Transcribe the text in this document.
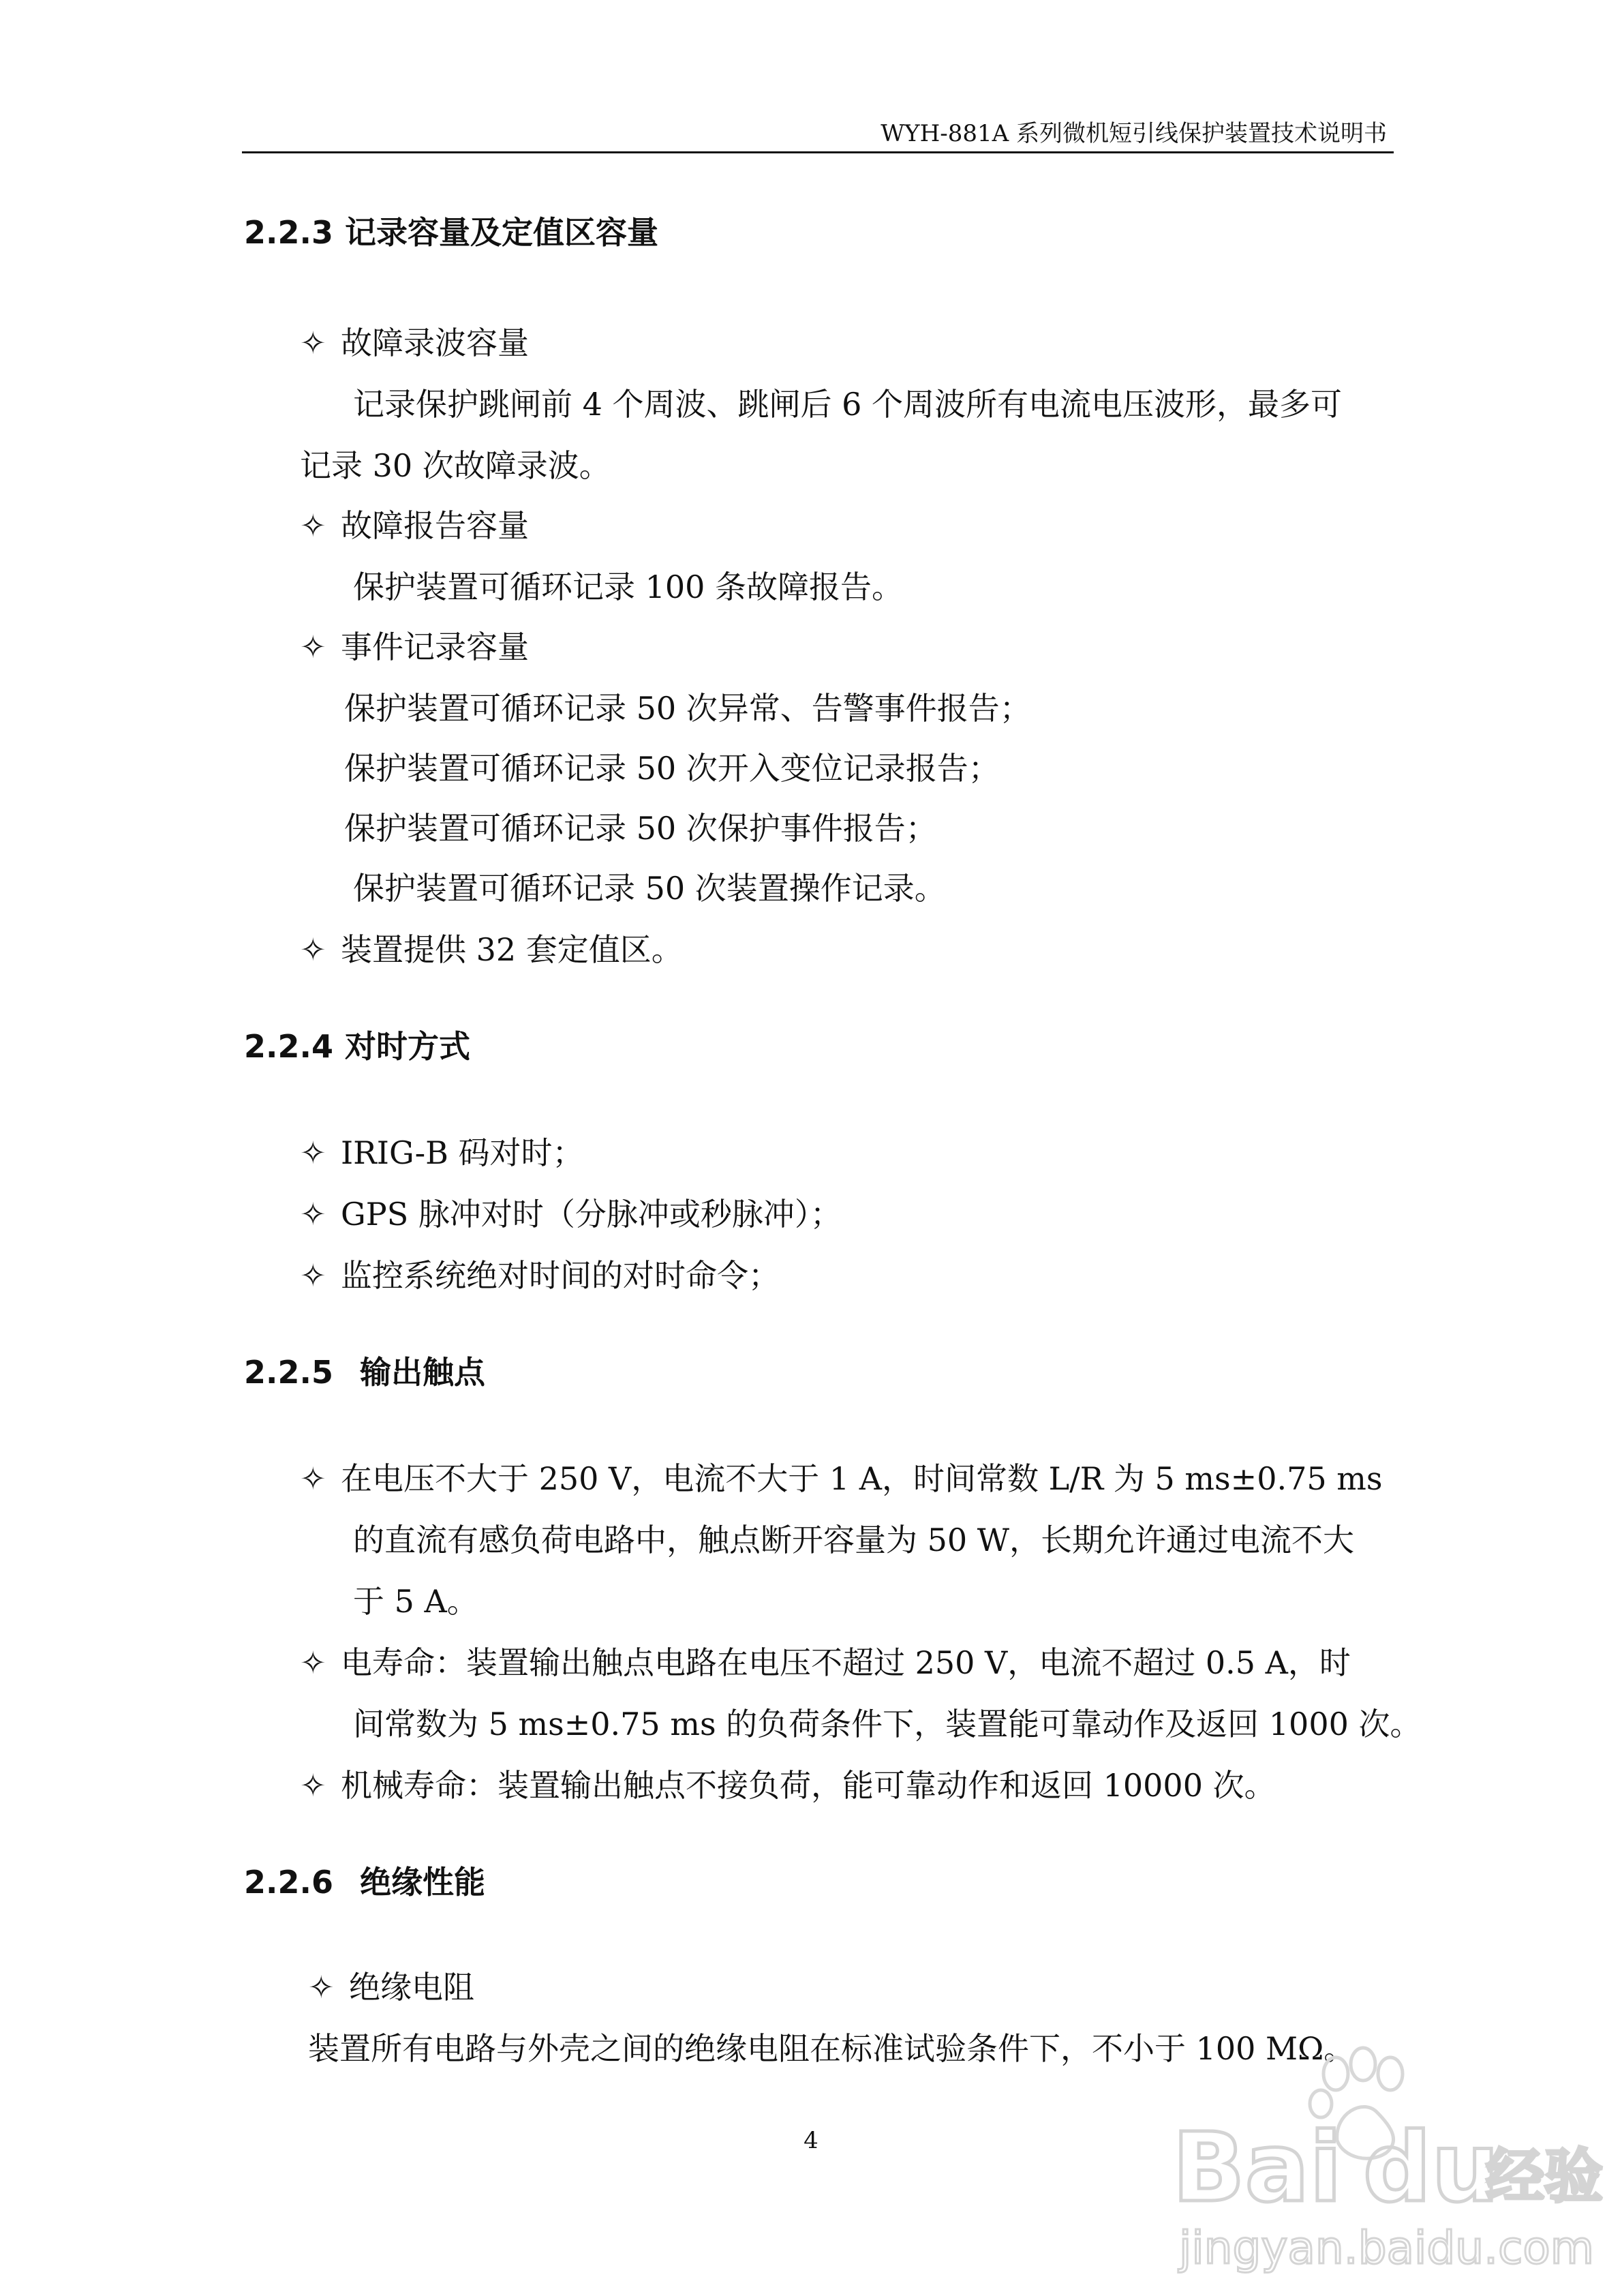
WYH-881A 系列微机短引线保护装置技术说明书
2.2.3 记录容量及定值区容量
✧ 故障录波容量
记录保护跳闸前 4 个周波、跳闸后 6 个周波所有电流电压波形，最多可
记录 30 次故障录波。
✧ 故障报告容量
保护装置可循环记录 100 条故障报告。
✧ 事件记录容量
保护装置可循环记录 50 次异常、告警事件报告；
保护装置可循环记录 50 次开入变位记录报告；
保护装置可循环记录 50 次保护事件报告；
保护装置可循环记录 50 次装置操作记录。
✧ 装置提供 32 套定值区。
2.2.4 对时方式
✧ IRIG-B 码对时；
✧ GPS 脉冲对时（分脉冲或秒脉冲）；
✧ 监控系统绝对时间的对时命令；
2.2.5 输出触点
✧ 在电压不大于 250 V，电流不大于 1 A，时间常数 L/R 为 5 ms±0.75 ms
的直流有感负荷电路中，触点断开容量为 50 W，长期允许通过电流不大
于 5 A。
✧ 电寿命：装置输出触点电路在电压不超过 250 V，电流不超过 0.5 A，时
间常数为 5 ms±0.75 ms 的负荷条件下，装置能可靠动作及返回 1000 次。
✧ 机械寿命：装置输出触点不接负荷，能可靠动作和返回 10000 次。
2.2.6 绝缘性能
✧ 绝缘电阻
装置所有电路与外壳之间的绝缘电阻在标准试验条件下，不小于 100 MΩ。
4	Bai du
经验
jingyan.baidu.com
